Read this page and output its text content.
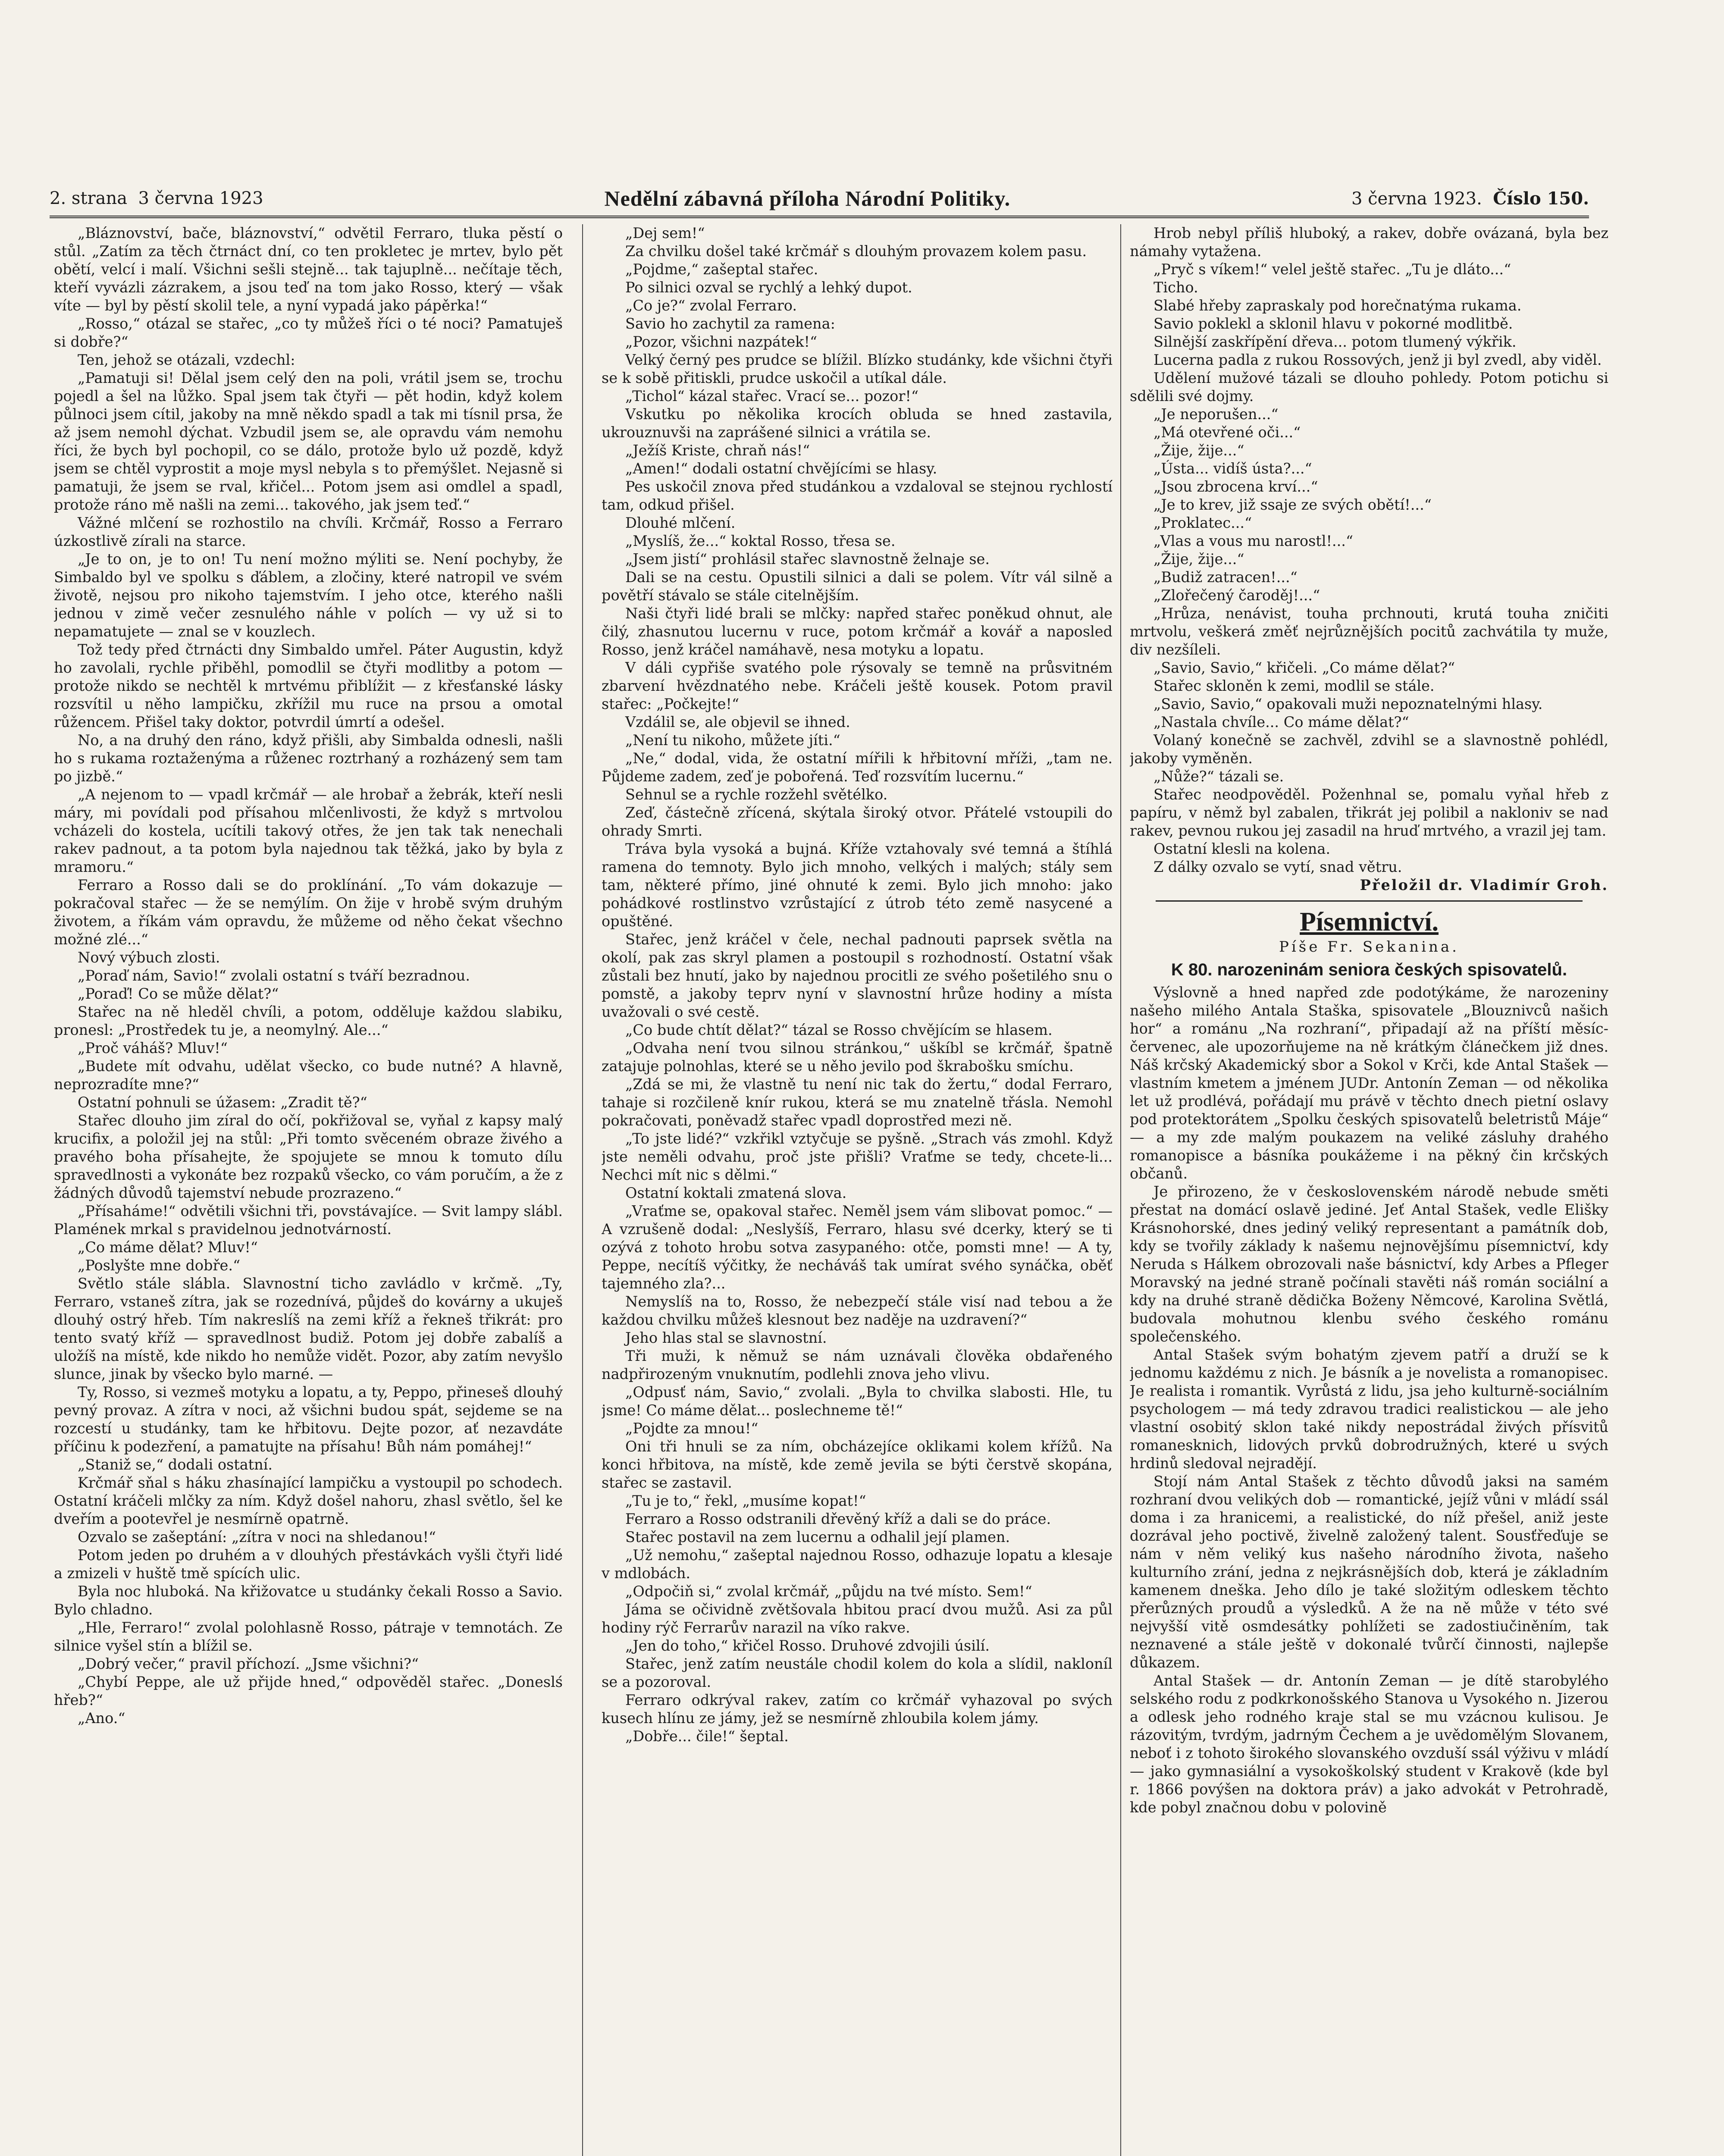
2. strana 3 června 1923	Nedělní zábavná příloha Národní Politiky.	3 června 1923. Číslo 150.

„Bláznovství, bače, bláznovství,“ odvětil Ferraro, tluka pěstí o stůl. „Zatím za těch čtrnáct dní, co ten prokletec je mrtev, bylo pět obětí, velcí i malí. Všichni sešli stejně... tak tajuplně... nečítaje těch, kteří vyvázli zázrakem, a jsou teď na tom jako Rosso, který — však víte — byl by pěstí skolil tele, a nyní vypadá jako pápěrka!“

„Rosso,“ otázal se stařec, „co ty můžeš říci o té noci? Pamatuješ si dobře?“

Ten, jehož se otázali, vzdechl:

„Pamatuji si! Dělal jsem celý den na poli, vrátil jsem se, trochu pojedl a šel na lůžko. Spal jsem tak čtyři — pět hodin, když kolem půlnoci jsem cítil, jakoby na mně někdo spadl a tak mi tísnil prsa, že až jsem nemohl dýchat. Vzbudil jsem se, ale opravdu vám nemohu říci, že bych byl pochopil, co se dálo, protože bylo už pozdě, když jsem se chtěl vyprostit a moje mysl nebyla s to přemýšlet. Nejasně si pamatuji, že jsem se rval, křičel... Potom jsem asi omdlel a spadl, protože ráno mě našli na zemi... takového, jak jsem teď.“

Vážné mlčení se rozhostilo na chvíli. Krčmář, Rosso a Ferraro úzkostlivě zírali na starce.

„Je to on, je to on! Tu není možno mýliti se. Není pochyby, že Simbaldo byl ve spolku s ďáblem, a zločiny, které natropil ve svém životě, nejsou pro nikoho tajemstvím. I jeho otce, kterého našli jednou v zimě večer zesnulého náhle v polích — vy už si to nepamatujete — znal se v kouzlech.

Tož tedy před čtrnácti dny Simbaldo umřel. Páter Augustin, když ho zavolali, rychle přiběhl, pomodlil se čtyři modlitby a potom — protože nikdo se nechtěl k mrtvému přiblížit — z křesťanské lásky rozsvítil u něho lampičku, zkřížil mu ruce na prsou a omotal růžencem. Přišel taky doktor, potvrdil úmrtí a odešel.

No, a na druhý den ráno, když přišli, aby Simbalda odnesli, našli ho s rukama roztaženýma a růženec roztrhaný a rozházený sem tam po jizbě.“

„A nejenom to — vpadl krčmář — ale hrobař a žebrák, kteří nesli máry, mi povídali pod přísahou mlčenlivosti, že když s mrtvolou vcházeli do kostela, ucítili takový otřes, že jen tak tak nenechali rakev padnout, a ta potom byla najednou tak těžká, jako by byla z mramoru.“

Ferraro a Rosso dali se do proklínání. „To vám dokazuje — pokračoval stařec — že se nemýlím. On žije v hrobě svým druhým životem, a říkám vám opravdu, že můžeme od něho čekat všechno možné zlé...“

Nový výbuch zlosti.

„Poraď nám, Savio!“ zvolali ostatní s tváří bezradnou.

„Poraď! Co se může dělat?“

Stařec na ně hleděl chvíli, a potom, odděluje každou slabiku, pronesl: „Prostředek tu je, a neomylný. Ale...“

„Proč váháš? Mluv!“

„Budete mít odvahu, udělat všecko, co bude nutné? A hlavně, neprozradíte mne?“

Ostatní pohnuli se úžasem: „Zradit tě?“

Stařec dlouho jim zíral do očí, pokřižoval se, vyňal z kapsy malý krucifix, a položil jej na stůl: „Při tomto svěceném obraze živého a pravého boha přísahejte, že spojujete se mnou k tomuto dílu spravedlnosti a vykonáte bez rozpaků všecko, co vám poručím, a že z žádných důvodů tajemství nebude prozrazeno.“

„Přísaháme!“ odvětili všichni tři, povstávajíce. — Svit lampy slábl. Plamének mrkal s pravidelnou jednotvárností.

„Co máme dělat? Mluv!“

„Poslyšte mne dobře.“

Světlo stále slábla. Slavnostní ticho zavládlo v krčmě. „Ty, Ferraro, vstaneš zítra, jak se rozednívá, půjdeš do kovárny a ukuješ dlouhý ostrý hřeb. Tím nakreslíš na zemi kříž a řekneš třikrát: pro tento svatý kříž — spravedlnost budiž. Potom jej dobře zabalíš a uložíš na místě, kde nikdo ho nemůže vidět. Pozor, aby zatím nevyšlo slunce, jinak by všecko bylo marné. —

Ty, Rosso, si vezmeš motyku a lopatu, a ty, Peppo, přineseš dlouhý pevný provaz. A zítra v noci, až všichni budou spát, sejdeme se na rozcestí u studánky, tam ke hřbitovu. Dejte pozor, ať nezavdáte příčinu k podezření, a pamatujte na přísahu! Bůh nám pomáhej!“

„Staniž se,“ dodali ostatní.

Krčmář sňal s háku zhasínající lampičku a vystoupil po schodech. Ostatní kráčeli mlčky za ním. Když došel nahoru, zhasl světlo, šel ke dveřím a pootevřel je nesmírně opatrně.

Ozvalo se zašeptání: „zítra v noci na shledanou!“

Potom jeden po druhém a v dlouhých přestávkách vyšli čtyři lidé a zmizeli v huště tmě spících ulic.

Byla noc hluboká. Na křižovatce u studánky čekali Rosso a Savio. Bylo chladno.

„Hle, Ferraro!“ zvolal polohlasně Rosso, pátraje v temnotách. Ze silnice vyšel stín a blížil se.

„Dobrý večer,“ pravil příchozí. „Jsme všichni?“

„Chybí Peppe, ale už přijde hned,“ odpověděl stařec. „Doneslś hřeb?“

„Ano.“

„Dej sem!“

Za chvilku došel také krčmář s dlouhým provazem kolem pasu.

„Pojdme,“ zašeptal stařec.

Po silnici ozval se rychlý a lehký dupot.

„Co je?“ zvolal Ferraro.

Savio ho zachytil za ramena:

„Pozor, všichni nazpátek!“

Velký černý pes prudce se blížil. Blízko studánky, kde všichni čtyři se k sobě přitiskli, prudce uskočil a utíkal dále.

„Tichol“ kázal stařec. Vrací se... pozor!“

Vskutku po několika krocích obluda se hned zastavila, ukrouznuvši na zaprášené silnici a vrátila se.

„Ježíš Kriste, chraň nás!“

„Amen!“ dodali ostatní chvějícími se hlasy.

Pes uskočil znova před studánkou a vzdaloval se stejnou rychlostí tam, odkud přišel.

Dlouhé mlčení.

„Myslíš, že...“ koktal Rosso, třesa se.

„Jsem jistí“ prohlásil stařec slavnostně želnaje se.

Dali se na cestu. Opustili silnici a dali se polem. Vítr vál silně a povětří stávalo se stále citelnějším.

Naši čtyři lidé brali se mlčky: napřed stařec poněkud ohnut, ale čilý, zhasnutou lucernu v ruce, potom krčmář a kovář a naposled Rosso, jenž kráčel namáhavě, nesa motyku a lopatu.

V dáli cypřiše svatého pole rýsovaly se temně na průsvitném zbarvení hvězdnatého nebe. Kráčeli ještě kousek. Potom pravil stařec: „Počkejte!“

Vzdálil se, ale objevil se ihned.

„Není tu nikoho, můžete jíti.“

„Ne,“ dodal, vida, že ostatní mířili k hřbitovní mříži, „tam ne. Půjdeme zadem, zeď je pobořená. Teď rozsvítím lucernu.“

Sehnul se a rychle rozžehl světélko.

Zeď, částečně zřícená, skýtala široký otvor. Přátelé vstoupili do ohrady Smrti.

Tráva byla vysoká a bujná. Kříže vztahovaly své temná a štíhlá ramena do temnoty. Bylo jich mnoho, velkých i malých; stály sem tam, některé přímo, jiné ohnuté k zemi. Bylo jich mnoho: jako pohádkové rostlinstvo vzrůstající z útrob této země nasycené a opuštěné.

Stařec, jenž kráčel v čele, nechal padnouti paprsek světla na okolí, pak zas skryl plamen a postoupil s rozhodností. Ostatní však zůstali bez hnutí, jako by najednou procitli ze svého pošetilého snu o pomstě, a jakoby teprv nyní v slavnostní hrůze hodiny a místa uvažovali o své cestě.

„Co bude chtít dělat?“ tázal se Rosso chvějícím se hlasem.

„Odvaha není tvou silnou stránkou,“ uškíbl se krčmář, špatně zatajuje polnohlas, které se u něho jevilo pod škrabošku smíchu.

„Zdá se mi, že vlastně tu není nic tak do žertu,“ dodal Ferraro, tahaje si rozčileně knír rukou, která se mu znatelně třásla. Nemohl pokračovati, poněvadž stařec vpadl doprostřed mezi ně.

„To jste lidé?“ vzkřikl vztyčuje se pyšně. „Strach vás zmohl. Když jste neměli odvahu, proč jste přišli? Vraťme se tedy, chcete-li... Nechci mít nic s dělmi.“

Ostatní koktali zmatená slova.

„Vraťme se, opakoval stařec. Neměl jsem vám slibovat pomoc.“ — A vzrušeně dodal: „Neslyšíš, Ferraro, hlasu své dcerky, který se ti ozývá z tohoto hrobu sotva zasypaného: otče, pomsti mne! — A ty, Peppe, necítíš výčitky, že necháváš tak umírat svého synáčka, oběť tajemného zla?...

Nemyslíš na to, Rosso, že nebezpečí stále visí nad tebou a že každou chvilku můžeš klesnout bez naděje na uzdravení?“

Jeho hlas stal se slavnostní.

Tři muži, k němuž se nám uznávali člověka obdařeného nadpřirozeným vnuknutím, podlehli znova jeho vlivu.

„Odpusť nám, Savio,“ zvolali. „Byla to chvilka slabosti. Hle, tu jsme! Co máme dělat... poslechneme tě!“

„Pojdte za mnou!“

Oni tři hnuli se za ním, obcházejíce oklikami kolem křížů. Na konci hřbitova, na místě, kde země jevila se býti čerstvě skopána, stařec se zastavil.

„Tu je to,“ řekl, „musíme kopat!“

Ferraro a Rosso odstranili dřevěný kříž a dali se do práce.

Stařec postavil na zem lucernu a odhalil její plamen.

„Už nemohu,“ zašeptal najednou Rosso, odhazuje lopatu a klesaje v mdlobách.

„Odpočiň si,“ zvolal krčmář, „půjdu na tvé místo. Sem!“

Jáma se očividně zvětšovala hbitou prací dvou mužů. Asi za půl hodiny rýč Ferrarův narazil na víko rakve.

„Jen do toho,“ křičel Rosso. Druhové zdvojili úsilí.

Stařec, jenž zatím neustále chodil kolem do kola a slídil, nakloníl se a pozoroval.

Ferraro odkrýval rakev, zatím co krčmář vyhazoval po svých kusech hlínu ze jámy, jež se nesmírně zhloubila kolem jámy.

„Dobře... čile!“ šeptal.

Hrob nebyl příliš hluboký, a rakev, dobře ovázaná, byla bez námahy vytažena.

„Pryč s víkem!“ velel ještě stařec. „Tu je dláto...“

Ticho.

Slabé hřeby zapraskaly pod horečnatýma rukama.

Savio poklekl a sklonil hlavu v pokorné modlitbě.

Silnější zaskřípění dřeva... potom tlumený výkřik.

Lucerna padla z rukou Rossových, jenž ji byl zvedl, aby viděl.

Udělení mužové tázali se dlouho pohledy. Potom potichu si sdělili své dojmy.

„Je neporušen...“

„Má otevřené oči...“

„Žije, žije...“

„Ústa... vidíš ústa?...“

„Jsou zbrocena krví...“

„Je to krev, již ssaje ze svých obětí!...“

„Proklatec...“

„Vlas a vous mu narostl!...“

„Žije, žije...“

„Budiž zatracen!...“

„Zlořečený čaroděj!...“

„Hrůza, nenávist, touha prchnouti, krutá touha zničiti mrtvolu, veškerá změť nejrůznějších pocitů zachvátila ty muže, div nezšíleli.

„Savio, Savio,“ křičeli. „Co máme dělat?“

Stařec skloněn k zemi, modlil se stále.

„Savio, Savio,“ opakovali muži nepoznatelnými hlasy.

„Nastala chvíle... Co máme dělat?“

Volaný konečně se zachvěl, zdvihl se a slavnostně pohlédl, jakoby vyměněn.

„Nůže?“ tázali se.

Stařec neodpověděl. Poženhnal se, pomalu vyňal hřeb z papíru, v němž byl zabalen, třikrát jej polibil a nakloniv se nad rakev, pevnou rukou jej zasadil na hruď mrtvého, a vrazil jej tam.

Ostatní klesli na kolena.

Z dálky ozvalo se vytí, snad větru.

Přeložil dr. Vladimír Groh.

Písemnictví.

Píše Fr. Sekanina.

K 80. narozeninám seniora českých spisovatelů.

Výslovně a hned napřed zde podotýkáme, že narozeniny našeho milého Antala Staška, spisovatele „Blouznivců našich hor“ a románu „Na rozhraní“, připadají až na příští měsíc-červenec, ale upozorňujeme na ně krátkým článečkem již dnes. Náš krčský Akademický sbor a Sokol v Krči, kde Antal Stašek — vlastním kmetem a jménem JUDr. Antonín Zeman — od několika let už prodlévá, pořádají mu právě v těchto dnech pietní oslavy pod protektorátem „Spolku českých spisovatelů beletristů Máje“ — a my zde malým poukazem na veliké zásluhy drahého romanopisce a básníka poukážeme i na pěkný čin krčských občanů.

Je přirozeno, že v československém národě nebude směti přestat na domácí oslavě jediné. Jeť Antal Stašek, vedle Elišky Krásnohorské, dnes jediný veliký representant a památník dob, kdy se tvořily základy k našemu nejnovějšímu písemnictví, kdy Neruda s Hálkem obrozovali naše básnictví, kdy Arbes a Pfleger Moravský na jedné straně počínali stavěti náš román sociální a kdy na druhé straně dědička Boženy Němcové, Karolina Světlá, budovala mohutnou klenbu svého českého románu společenského.

Antal Stašek svým bohatým zjevem patří a druží se k jednomu každému z nich. Je básník a je novelista a romanopisec. Je realista i romantik. Vyrůstá z lidu, jsa jeho kulturně-sociálním psychologem — má tedy zdravou tradici realistickou — ale jeho vlastní osobitý sklon také nikdy nepostrádal živých přísvitů romanesknich, lidových prvků dobrodružných, které u svých hrdinů sledoval nejradějí.

Stojí nám Antal Stašek z těchto důvodů jaksi na samém rozhraní dvou velikých dob — romantické, jejíž vůni v mládí ssál doma i za hranicemi, a realistické, do níž přešel, aniž jeste dozrával jeho poctivě, živelně založený talent. Sousťřeďuje se nám v něm veliký kus našeho národního života, našeho kulturního zrání, jedna z nejkrásnějších dob, která je základním kamenem dneška. Jeho dílo je také složitým odleskem těchto přerůzných proudů a výsledků. A že na ně může v této své nejvyšší vitě osmdesátky pohlížeti se zadostiučiněním, tak neznavené a stále ještě v dokonalé tvůrčí činnosti, najlepše důkazem.

Antal Stašek — dr. Antonín Zeman — je dítě starobylého selského rodu z podkrkonošského Stanova u Vysokého n. Jizerou a odlesk jeho rodného kraje stal se mu vzácnou kulisou. Je rázovitým, tvrdým, jadrným Čechem a je uvědomělým Slovanem, neboť i z tohoto širokého slovanského ovzduší ssál výživu v mládí — jako gymnasiální a vysokoškolský student v Krakově (kde byl r. 1866 povýšen na doktora práv) a jako advokát v Petrohradě, kde pobyl značnou dobu v polovině
